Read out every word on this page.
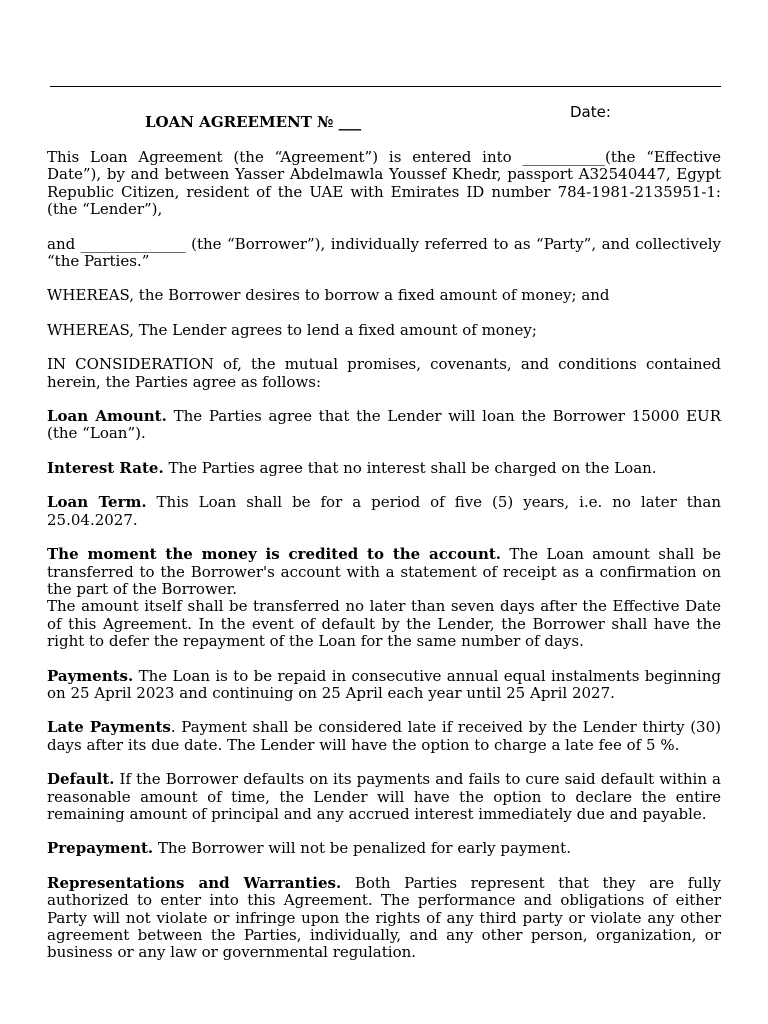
Date:
LOAN AGREEMENT № ___

This Loan Agreement (the “Agreement”) is entered into ___________(the “Effective Date”), by and between Yasser Abdelmawla Youssef Khedr, passport A32540447, Egypt Republic Citizen, resident of the UAE with Emirates ID number 784-1981-2135951-1: (the “Lender”),

and ______________ (the “Borrower”), individually referred to as “Party”, and collectively “the Parties.”

WHEREAS, the Borrower desires to borrow a fixed amount of money; and

WHEREAS, The Lender agrees to lend a fixed amount of money;

IN CONSIDERATION of, the mutual promises, covenants, and conditions contained herein, the Parties agree as follows:

Loan Amount. The Parties agree that the Lender will loan the Borrower 15000 EUR (the “Loan”).

Interest Rate. The Parties agree that no interest shall be charged on the Loan.

Loan Term. This Loan shall be for a period of five (5) years, i.e. no later than 25.04.2027.

The moment the money is credited to the account. The Loan amount shall be transferred to the Borrower's account with a statement of receipt as a confirmation on the part of the Borrower.

The amount itself shall be transferred no later than seven days after the Effective Date of this Agreement. In the event of default by the Lender, the Borrower shall have the right to defer the repayment of the Loan for the same number of days.

Payments. The Loan is to be repaid in consecutive annual equal instalments beginning on 25 April 2023 and continuing on 25 April each year until 25 April 2027.

Late Payments. Payment shall be considered late if received by the Lender thirty (30) days after its due date. The Lender will have the option to charge a late fee of 5 %.

Default. If the Borrower defaults on its payments and fails to cure said default within a reasonable amount of time, the Lender will have the option to declare the entire remaining amount of principal and any accrued interest immediately due and payable.

Prepayment. The Borrower will not be penalized for early payment.

Representations and Warranties. Both Parties represent that they are fully authorized to enter into this Agreement. The performance and obligations of either Party will not violate or infringe upon the rights of any third party or violate any other agreement between the Parties, individually, and any other person, organization, or business or any law or governmental regulation.
